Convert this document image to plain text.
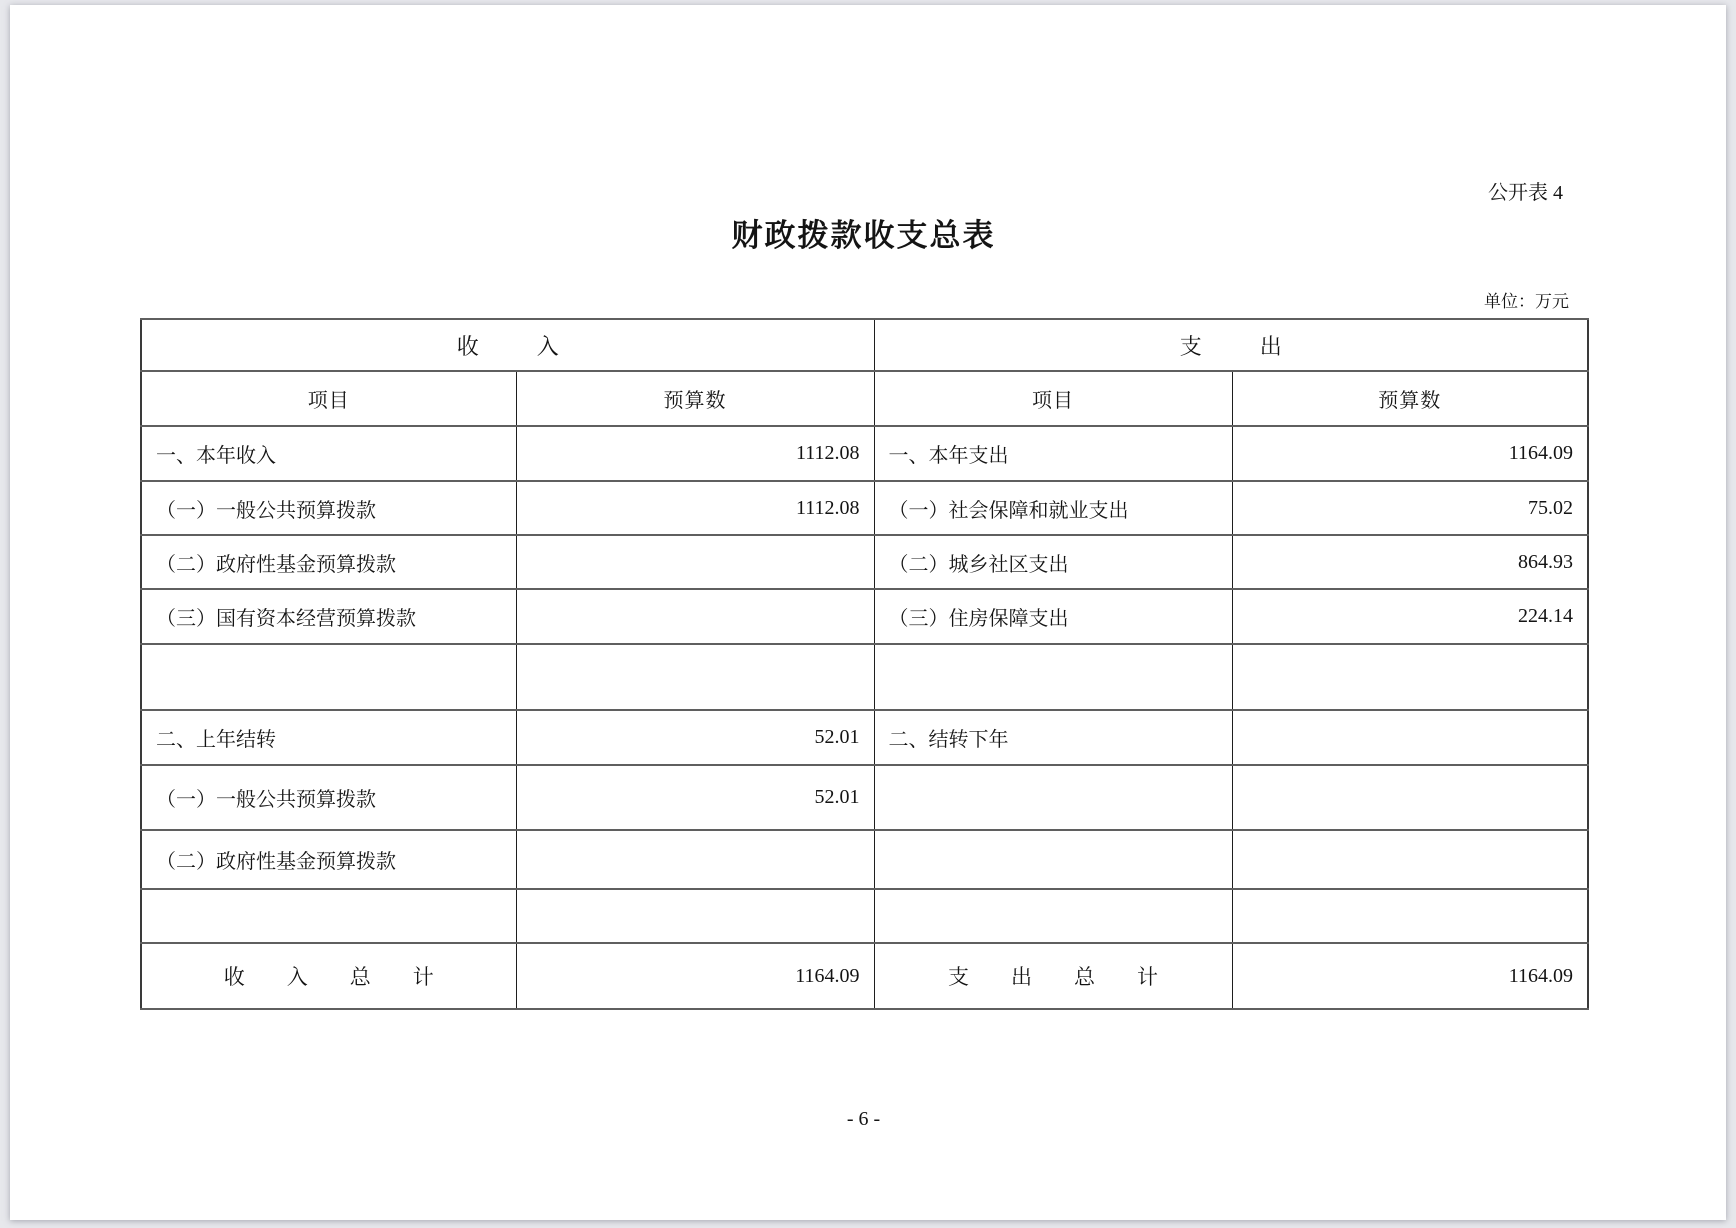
公开表 4
财政拨款收支总表
单位：万元
收入		支出	
项目	预算数	项目	预算数
一、本年收入	1112.08	一、本年支出	1164.09
（一）一般公共预算拨款	1112.08	（一）社会保障和就业支出	75.02
（二）政府性基金预算拨款		（二）城乡社区支出	864.93
（三）国有资本经营预算拨款		（三）住房保障支出	224.14

二、上年结转	52.01	二、结转下年	
（一）一般公共预算拨款	52.01		
（二）政府性基金预算拨款			

收入总计	1164.09	支出总计	1164.09
- 6 -
